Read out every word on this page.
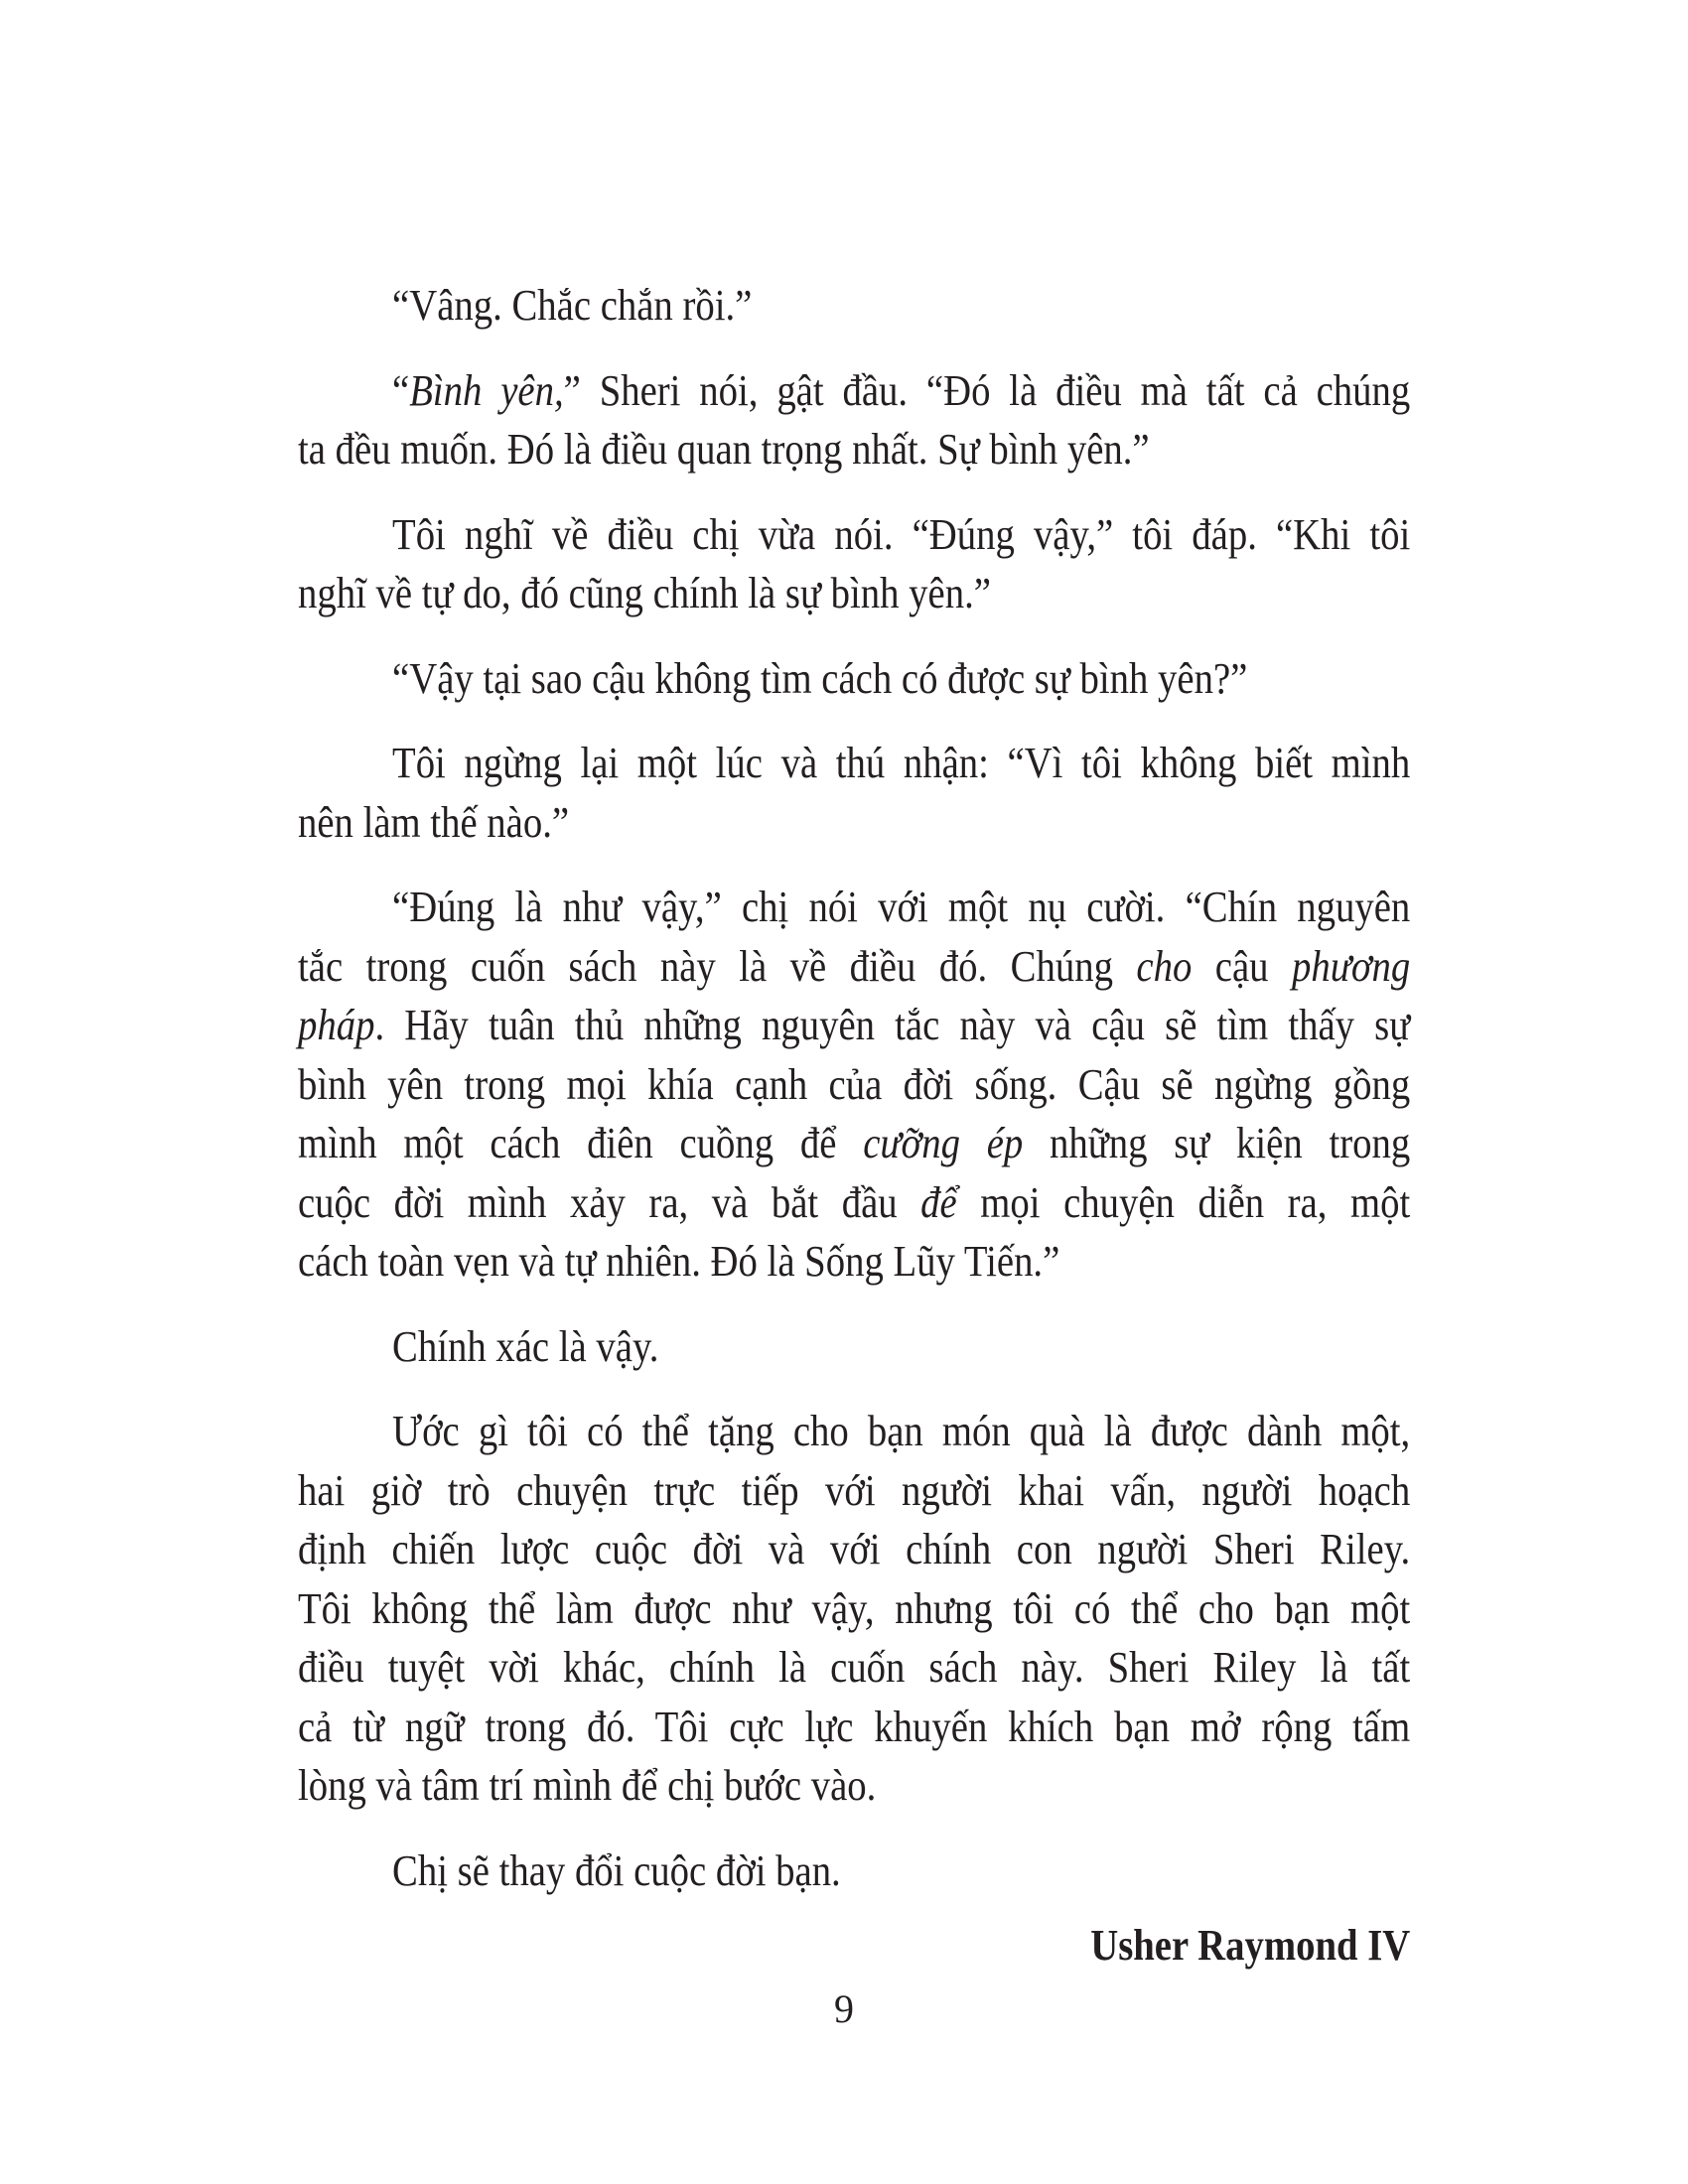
Usher Raymond IV
“Vâng. Chắc chắn rồi.”
“Bình yên,” Sheri nói, gật đầu. “Đó là điều mà tất cả chúng
ta đều muốn. Đó là điều quan trọng nhất. Sự bình yên.”
Tôi nghĩ về điều chị vừa nói. “Đúng vậy,” tôi đáp. “Khi tôi
nghĩ về tự do, đó cũng chính là sự bình yên.”
“Vậy tại sao cậu không tìm cách có được sự bình yên?”
Tôi ngừng lại một lúc và thú nhận: “Vì tôi không biết mình
nên làm thế nào.”
“Đúng là như vậy,” chị nói với một nụ cười. “Chín nguyên
tắc trong cuốn sách này là về điều đó. Chúng cho cậu phương
pháp. Hãy tuân thủ những nguyên tắc này và cậu sẽ tìm thấy sự
bình yên trong mọi khía cạnh của đời sống. Cậu sẽ ngừng gồng
mình một cách điên cuồng để cưỡng ép những sự kiện trong
cuộc đời mình xảy ra, và bắt đầu để mọi chuyện diễn ra, một
cách toàn vẹn và tự nhiên. Đó là Sống Lũy Tiến.”
Chính xác là vậy.
Ước gì tôi có thể tặng cho bạn món quà là được dành một,
hai giờ trò chuyện trực tiếp với người khai vấn, người hoạch
định chiến lược cuộc đời và với chính con người Sheri Riley.
Tôi không thể làm được như vậy, nhưng tôi có thể cho bạn một
điều tuyệt vời khác, chính là cuốn sách này. Sheri Riley là tất
cả từ ngữ trong đó. Tôi cực lực khuyến khích bạn mở rộng tấm
lòng và tâm trí mình để chị bước vào.
Chị sẽ thay đổi cuộc đời bạn.
9
